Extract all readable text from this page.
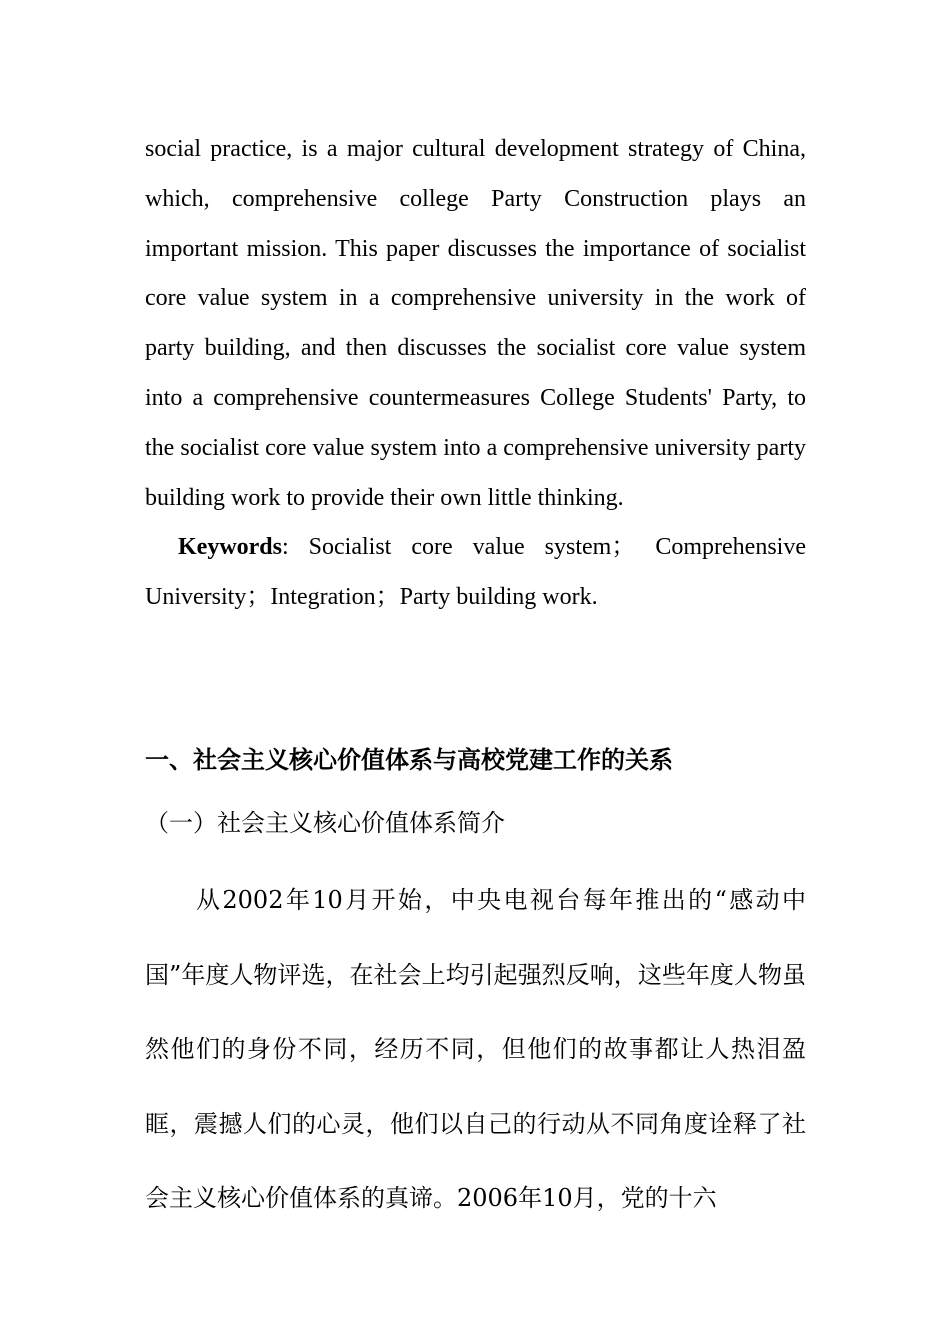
social practice, is a major cultural development strategy of China, which, comprehensive college Party Construction plays an important mission. This paper discusses the importance of socialist core value system in a comprehensive university in the work of party building, and then discusses the socialist core value system into a comprehensive countermeasures College Students' Party, to the socialist core value system into a comprehensive university party building work to provide their own little thinking.

Keywords: Socialist core value system； Comprehensive University；Integration；Party building work.

一、社会主义核心价值体系与高校党建工作的关系
（一）社会主义核心价值体系简介

从2002年10月开始，中央电视台每年推出的“感动中国”年度人物评选，在社会上均引起强烈反响，这些年度人物虽然他们的身份不同，经历不同，但他们的故事都让人热泪盈眶，震撼人们的心灵，他们以自己的行动从不同角度诠释了社会主义核心价值体系的真谛。2006年10月，党的十六
